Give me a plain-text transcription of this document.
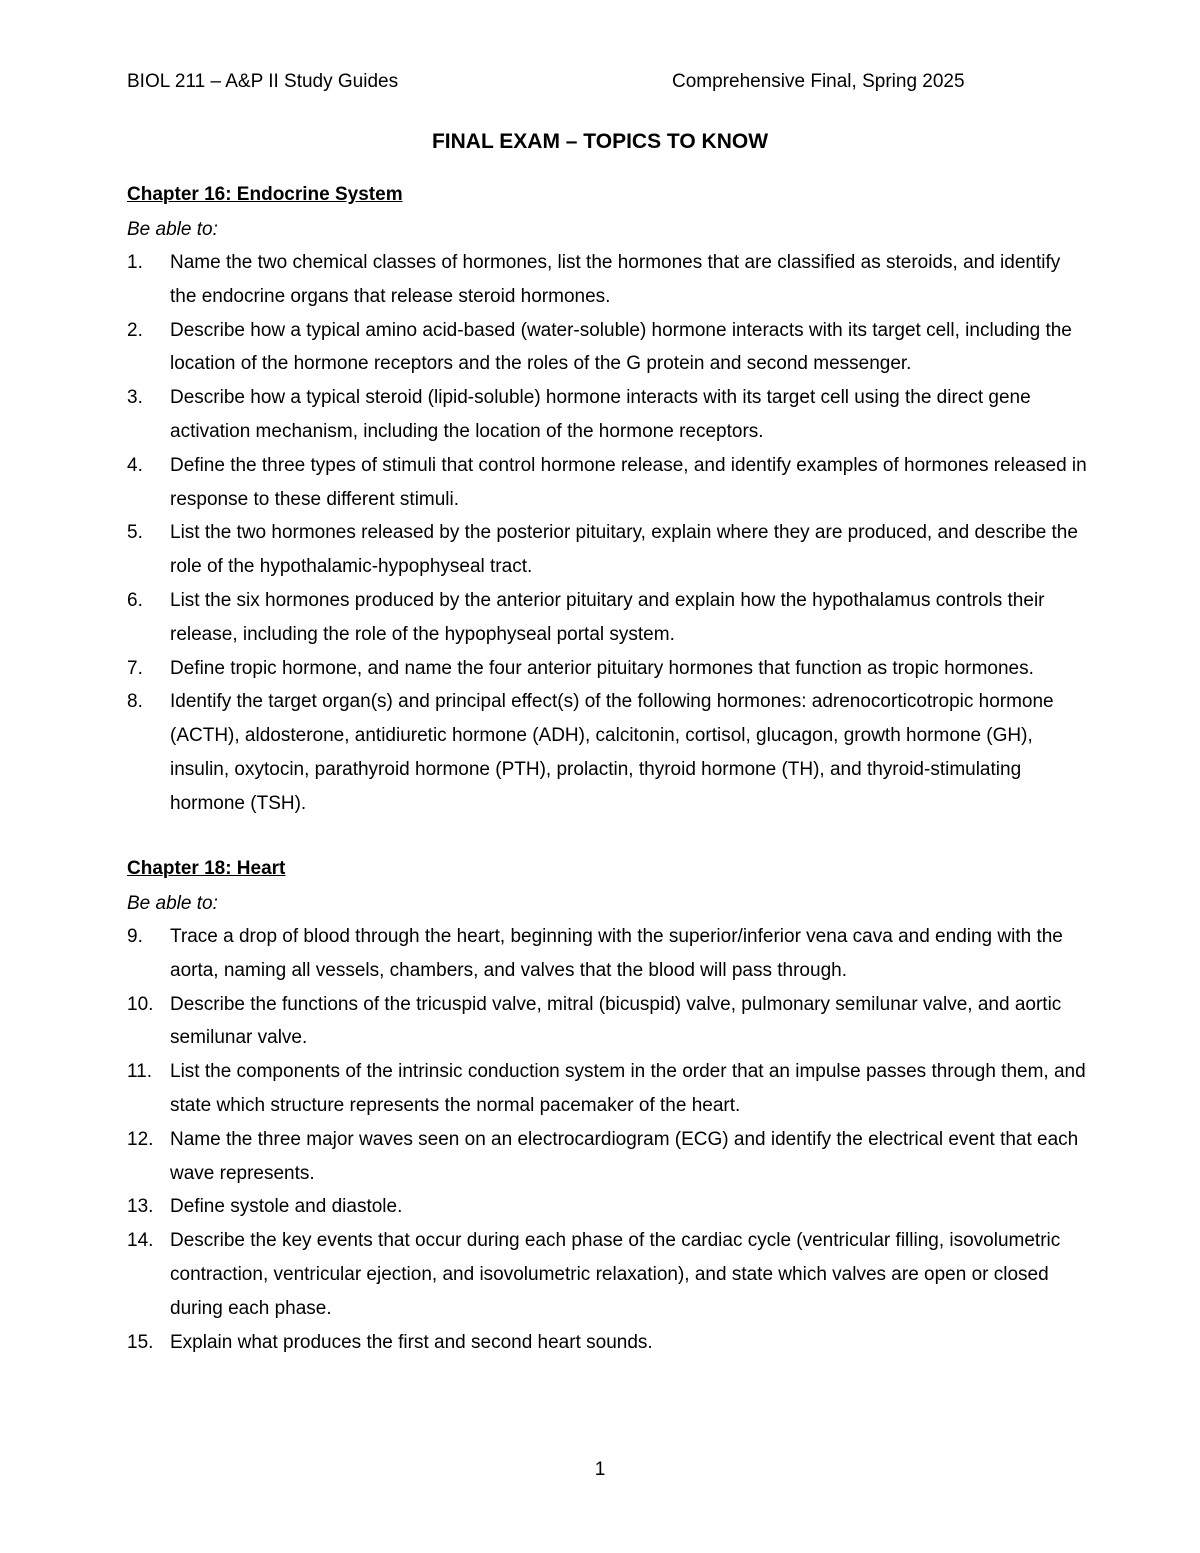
BIOL 211 – A&P II Study Guides	Comprehensive Final, Spring 2025
FINAL EXAM – TOPICS TO KNOW
Chapter 16: Endocrine System

Be able to:

1. Name the two chemical classes of hormones, list the hormones that are classified as steroids, and identify the endocrine organs that release steroid hormones.
2. Describe how a typical amino acid-based (water-soluble) hormone interacts with its target cell, including the location of the hormone receptors and the roles of the G protein and second messenger.
3. Describe how a typical steroid (lipid-soluble) hormone interacts with its target cell using the direct gene activation mechanism, including the location of the hormone receptors.
4. Define the three types of stimuli that control hormone release, and identify examples of hormones released in response to these different stimuli.
5. List the two hormones released by the posterior pituitary, explain where they are produced, and describe the role of the hypothalamic-hypophyseal tract.
6. List the six hormones produced by the anterior pituitary and explain how the hypothalamus controls their release, including the role of the hypophyseal portal system.
7. Define tropic hormone, and name the four anterior pituitary hormones that function as tropic hormones.
8. Identify the target organ(s) and principal effect(s) of the following hormones: adrenocorticotropic hormone (ACTH), aldosterone, antidiuretic hormone (ADH), calcitonin, cortisol, glucagon, growth hormone (GH), insulin, oxytocin, parathyroid hormone (PTH), prolactin, thyroid hormone (TH), and thyroid-stimulating hormone (TSH).
Chapter 18: Heart

Be able to:

9. Trace a drop of blood through the heart, beginning with the superior/inferior vena cava and ending with the aorta, naming all vessels, chambers, and valves that the blood will pass through.
10. Describe the functions of the tricuspid valve, mitral (bicuspid) valve, pulmonary semilunar valve, and aortic semilunar valve.
11. List the components of the intrinsic conduction system in the order that an impulse passes through them, and state which structure represents the normal pacemaker of the heart.
12. Name the three major waves seen on an electrocardiogram (ECG) and identify the electrical event that each wave represents.
13. Define systole and diastole.
14. Describe the key events that occur during each phase of the cardiac cycle (ventricular filling, isovolumetric contraction, ventricular ejection, and isovolumetric relaxation), and state which valves are open or closed during each phase.
15. Explain what produces the first and second heart sounds.
1
